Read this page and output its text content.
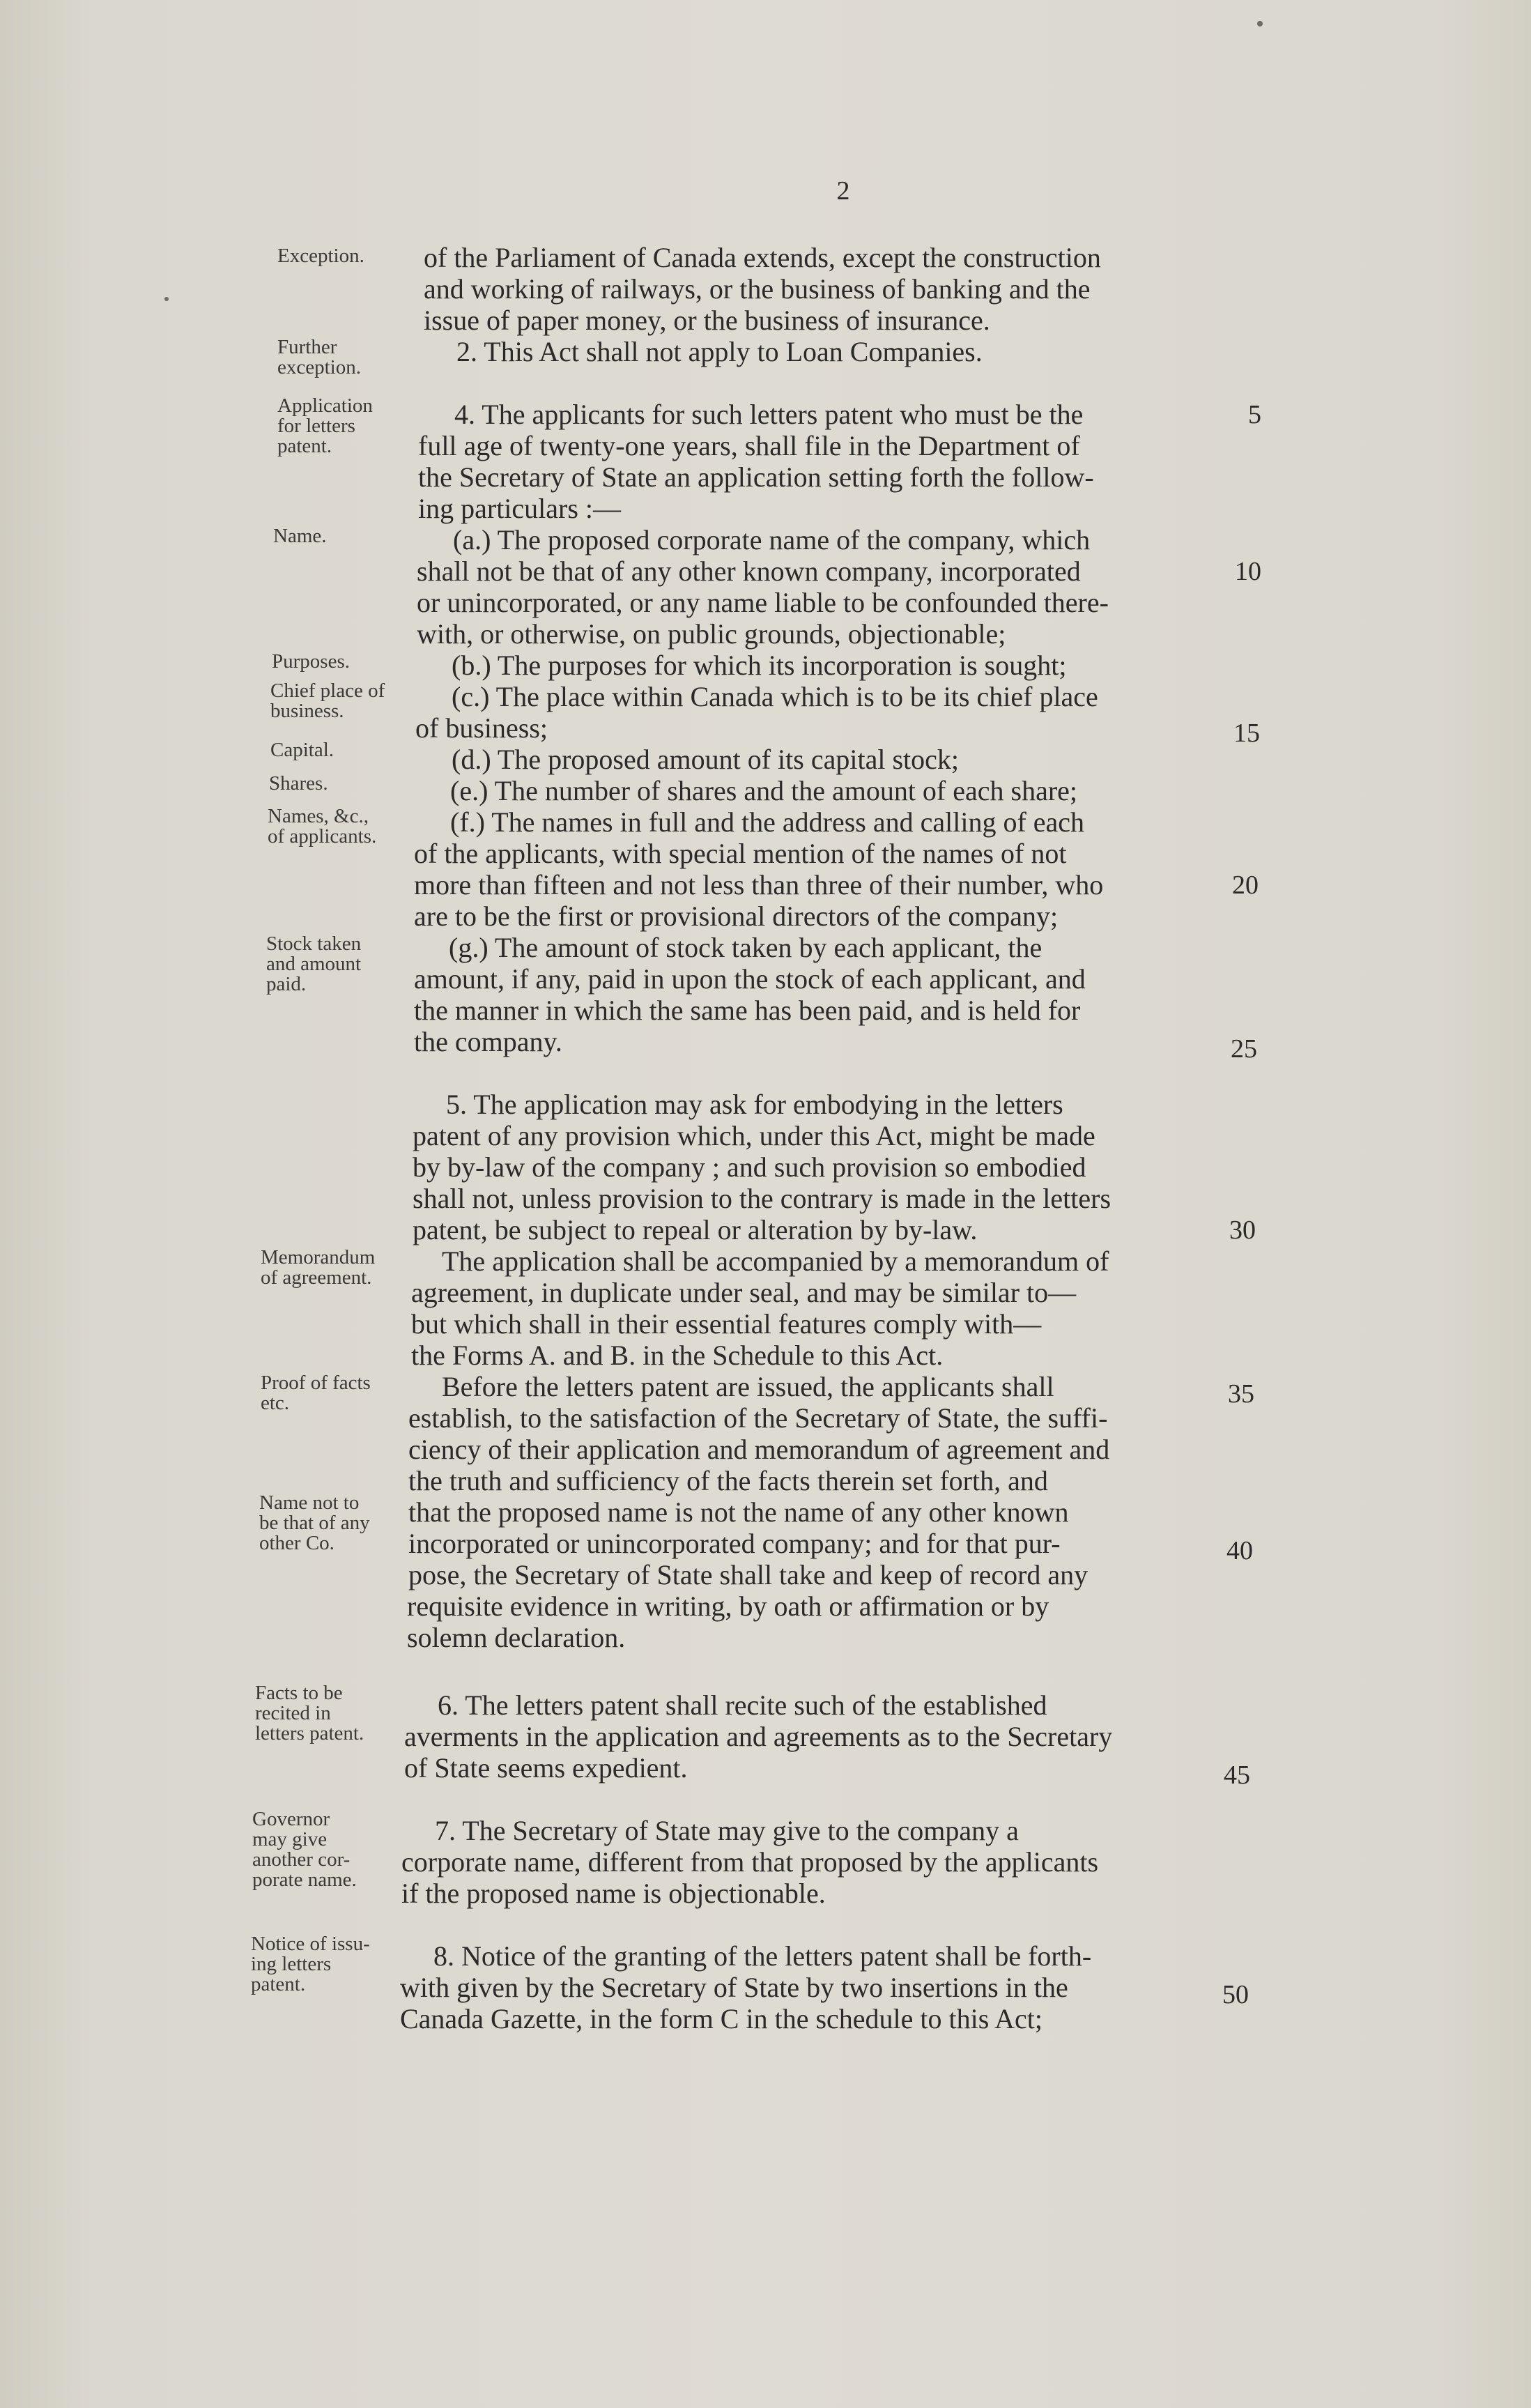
2
Exception.
Further
exception.
Application
for letters
patent.
Name.
Purposes.
Chief place of
business.
Capital.
Shares.
Names, &c.,
of applicants.
Stock taken
and amount
paid.
Memorandum
of agreement.
Proof of facts
etc.
Name not to
be that of any
other Co.
Facts to be
recited in
letters patent.
Governor
may give
another cor-
porate name.
Notice of issu-
ing letters
patent.
of the Parliament of Canada extends, except the construction
and working of railways, or the business of banking and the
issue of paper money, or the business of insurance.
2. This Act shall not apply to Loan Companies.
4. The applicants for such letters patent who must be the
full age of twenty-one years, shall file in the Department of
the Secretary of State an application setting forth the follow-
ing particulars :—
(a.) The proposed corporate name of the company, which
shall not be that of any other known company, incorporated
or unincorporated, or any name liable to be confounded there-
with, or otherwise, on public grounds, objectionable;
(b.) The purposes for which its incorporation is sought;
(c.) The place within Canada which is to be its chief place
of business;
(d.) The proposed amount of its capital stock;
(e.) The number of shares and the amount of each share;
(f.) The names in full and the address and calling of each
of the applicants, with special mention of the names of not
more than fifteen and not less than three of their number, who
are to be the first or provisional directors of the company;
(g.) The amount of stock taken by each applicant, the
amount, if any, paid in upon the stock of each applicant, and
the manner in which the same has been paid, and is held for
the company.
5. The application may ask for embodying in the letters
patent of any provision which, under this Act, might be made
by by-law of the company ; and such provision so embodied
shall not, unless provision to the contrary is made in the letters
patent, be subject to repeal or alteration by by-law.
The application shall be accompanied by a memorandum of
agreement, in duplicate under seal, and may be similar to—
but which shall in their essential features comply with—
the Forms A. and B. in the Schedule to this Act.
Before the letters patent are issued, the applicants shall
establish, to the satisfaction of the Secretary of State, the suffi-
ciency of their application and memorandum of agreement and
the truth and sufficiency of the facts therein set forth, and
that the proposed name is not the name of any other known
incorporated or unincorporated company; and for that pur-
pose, the Secretary of State shall take and keep of record any
requisite evidence in writing, by oath or affirmation or by
solemn declaration.
6. The letters patent shall recite such of the established
averments in the application and agreements as to the Secretary
of State seems expedient.
7. The Secretary of State may give to the company a
corporate name, different from that proposed by the applicants
if the proposed name is objectionable.
8. Notice of the granting of the letters patent shall be forth-
with given by the Secretary of State by two insertions in the
Canada Gazette, in the form C in the schedule to this Act;
5
10
15
20
25
30
35
40
45
50
